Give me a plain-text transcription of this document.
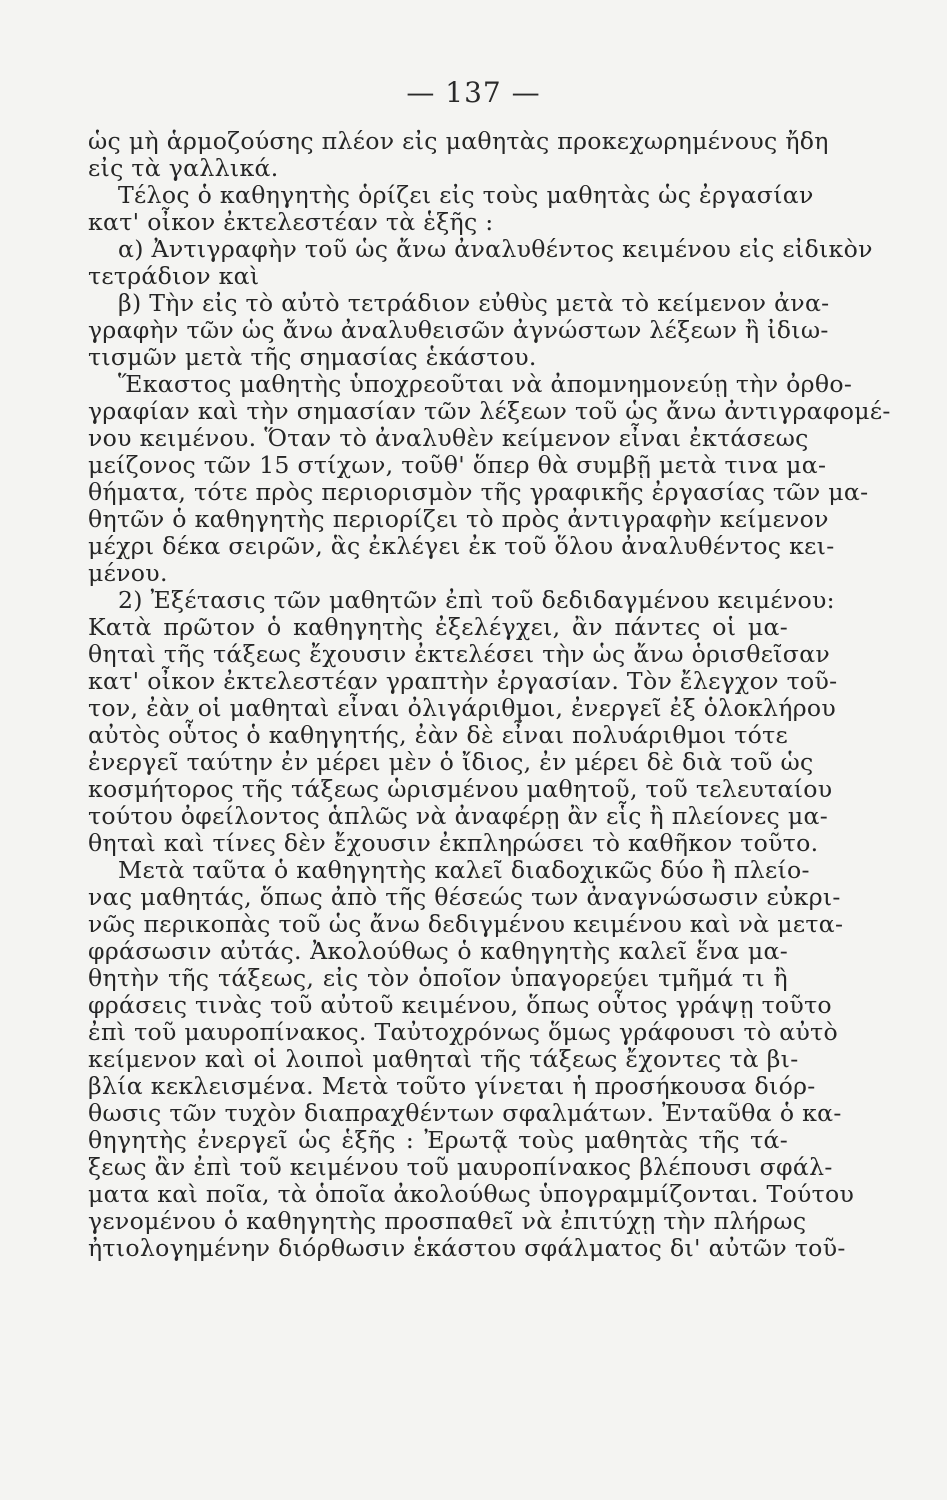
— 137 —
ὡς μὴ ἁρμοζούσης πλέον εἰς μαθητὰς προκεχωρημένους ἤδη
εἰς τὰ γαλλικά.
Τέλος ὁ καθηγητὴς ὁρίζει εἰς τοὺς μαθητὰς ὡς ἐργασίαν
κατ' οἶκον ἐκτελεστέαν τὰ ἑξῆς :
α) Ἀντιγραφὴν τοῦ ὡς ἄνω ἀναλυθέντος κειμένου εἰς εἰδικὸν
τετράδιον καὶ
β) Τὴν εἰς τὸ αὐτὸ τετράδιον εὐθὺς μετὰ τὸ κείμενον ἀνα-
γραφὴν τῶν ὡς ἄνω ἀναλυθεισῶν ἀγνώστων λέξεων ἢ ἰδιω-
τισμῶν μετὰ τῆς σημασίας ἑκάστου.
Ἕκαστος μαθητὴς ὑποχρεοῦται νὰ ἀπομνημονεύῃ τὴν ὀρθο-
γραφίαν καὶ τὴν σημασίαν τῶν λέξεων τοῦ ὡς ἄνω ἀντιγραφομέ-
νου κειμένου. Ὅταν τὸ ἀναλυθὲν κείμενον εἶναι ἐκτάσεως
μείζονος τῶν 15 στίχων, τοῦθ' ὅπερ θὰ συμβῇ μετὰ τινα μα-
θήματα, τότε πρὸς περιορισμὸν τῆς γραφικῆς ἐργασίας τῶν μα-
θητῶν ὁ καθηγητὴς περιορίζει τὸ πρὸς ἀντιγραφὴν κείμενον
μέχρι δέκα σειρῶν, ἃς ἐκλέγει ἐκ τοῦ ὅλου ἀναλυθέντος κει-
μένου.
2) Ἐξέτασις τῶν μαθητῶν ἐπὶ τοῦ δεδιδαγμένου κειμένου:
Κατὰ πρῶτον ὁ καθηγητὴς ἐξελέγχει, ἂν πάντες οἱ μα-
θηταὶ τῆς τάξεως ἔχουσιν ἐκτελέσει τὴν ὡς ἄνω ὁρισθεῖσαν
κατ' οἶκον ἐκτελεστέαν γραπτὴν ἐργασίαν. Τὸν ἔλεγχον τοῦ-
τον, ἐὰν οἱ μαθηταὶ εἶναι ὀλιγάριθμοι, ἐνεργεῖ ἐξ ὁλοκλήρου
αὐτὸς οὗτος ὁ καθηγητής, ἐὰν δὲ εἶναι πολυάριθμοι τότε
ἐνεργεῖ ταύτην ἐν μέρει μὲν ὁ ἴδιος, ἐν μέρει δὲ διὰ τοῦ ὡς
κοσμήτορος τῆς τάξεως ὡρισμένου μαθητοῦ, τοῦ τελευταίου
τούτου ὀφείλοντος ἁπλῶς νὰ ἀναφέρῃ ἂν εἷς ἢ πλείονες μα-
θηταὶ καὶ τίνες δὲν ἔχουσιν ἐκπληρώσει τὸ καθῆκον τοῦτο.
Μετὰ ταῦτα ὁ καθηγητὴς καλεῖ διαδοχικῶς δύο ἢ πλείο-
νας μαθητάς, ὅπως ἀπὸ τῆς θέσεώς των ἀναγνώσωσιν εὐκρι-
νῶς περικοπὰς τοῦ ὡς ἄνω δεδιγμένου κειμένου καὶ νὰ μετα-
φράσωσιν αὐτάς. Ἀκολούθως ὁ καθηγητὴς καλεῖ ἕνα μα-
θητὴν τῆς τάξεως, εἰς τὸν ὁποῖον ὑπαγορεύει τμῆμά τι ἢ
φράσεις τινὰς τοῦ αὐτοῦ κειμένου, ὅπως οὗτος γράψῃ τοῦτο
ἐπὶ τοῦ μαυροπίνακος. Ταὐτοχρόνως ὅμως γράφουσι τὸ αὐτὸ
κείμενον καὶ οἱ λοιποὶ μαθηταὶ τῆς τάξεως ἔχοντες τὰ βι-
βλία κεκλεισμένα. Μετὰ τοῦτο γίνεται ἡ προσήκουσα διόρ-
θωσις τῶν τυχὸν διαπραχθέντων σφαλμάτων. Ἐνταῦθα ὁ κα-
θηγητὴς ἐνεργεῖ ὡς ἑξῆς : Ἐρωτᾷ τοὺς μαθητὰς τῆς τά-
ξεως ἂν ἐπὶ τοῦ κειμένου τοῦ μαυροπίνακος βλέπουσι σφάλ-
ματα καὶ ποῖα, τὰ ὁποῖα ἀκολούθως ὑπογραμμίζονται. Τούτου
γενομένου ὁ καθηγητὴς προσπαθεῖ νὰ ἐπιτύχῃ τὴν πλήρως
ἠτιολογημένην διόρθωσιν ἑκάστου σφάλματος δι' αὐτῶν τοῦ-
